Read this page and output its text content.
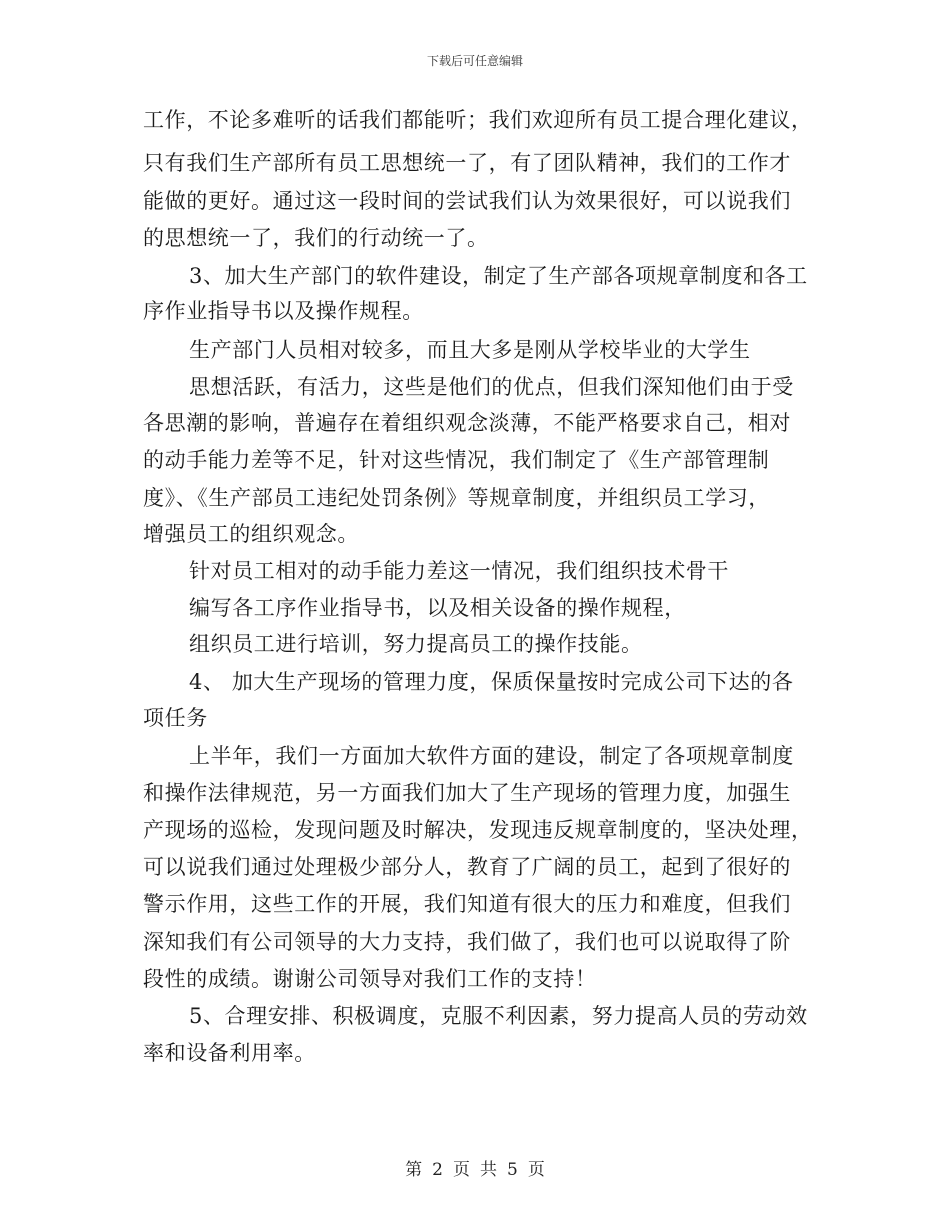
下载后可任意编辑
工作，不论多难听的话我们都能听；我们欢迎所有员工提合理化建议，
只有我们生产部所有员工思想统一了，有了团队精神，我们的工作才
能做的更好。通过这一段时间的尝试我们认为效果很好，可以说我们
的思想统一了，我们的行动统一了。
3、加大生产部门的软件建设，制定了生产部各项规章制度和各工
序作业指导书以及操作规程。
生产部门人员相对较多，而且大多是刚从学校毕业的大学生
思想活跃，有活力，这些是他们的优点，但我们深知他们由于受
各思潮的影响，普遍存在着组织观念淡薄，不能严格要求自己，相对
的动手能力差等不足，针对这些情况，我们制定了《生产部管理制
度》、《生产部员工违纪处罚条例》等规章制度，并组织员工学习，
增强员工的组织观念。
针对员工相对的动手能力差这一情况，我们组织技术骨干
编写各工序作业指导书，以及相关设备的操作规程，
组织员工进行培训，努力提高员工的操作技能。
4、 加大生产现场的管理力度，保质保量按时完成公司下达的各
项任务
上半年，我们一方面加大软件方面的建设，制定了各项规章制度
和操作法律规范，另一方面我们加大了生产现场的管理力度，加强生
产现场的巡检，发现问题及时解决，发现违反规章制度的，坚决处理，
可以说我们通过处理极少部分人，教育了广阔的员工，起到了很好的
警示作用，这些工作的开展，我们知道有很大的压力和难度，但我们
深知我们有公司领导的大力支持，我们做了，我们也可以说取得了阶
段性的成绩。谢谢公司领导对我们工作的支持！
5、合理安排、积极调度，克服不利因素，努力提高人员的劳动效
率和设备利用率。
第 2 页 共 5 页
